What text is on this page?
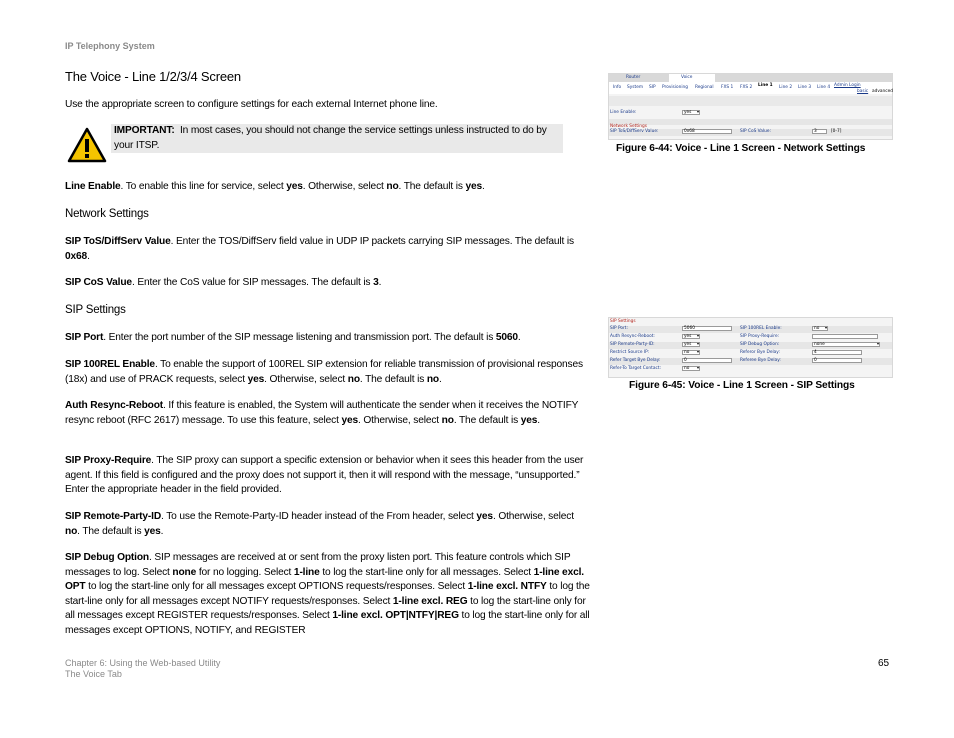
IP Telephony System
The Voice - Line 1/2/3/4 Screen
Use the appropriate screen to configure settings for each external Internet phone line.
IMPORTANT: In most cases, you should not change the service settings unless instructed to do by your ITSP.
Line Enable. To enable this line for service, select yes. Otherwise, select no. The default is yes.
Network Settings
SIP ToS/DiffServ Value. Enter the TOS/DiffServ field value in UDP IP packets carrying SIP messages. The default is 0x68.
SIP CoS Value. Enter the CoS value for SIP messages. The default is 3.
SIP Settings
SIP Port. Enter the port number of the SIP message listening and transmission port. The default is 5060.
SIP 100REL Enable. To enable the support of 100REL SIP extension for reliable transmission of provisional responses (18x) and use of PRACK requests, select yes. Otherwise, select no. The default is no.
Auth Resync-Reboot. If this feature is enabled, the System will authenticate the sender when it receives the NOTIFY resync reboot (RFC 2617) message. To use this feature, select yes. Otherwise, select no. The default is yes.
SIP Proxy-Require. The SIP proxy can support a specific extension or behavior when it sees this header from the user agent. If this field is configured and the proxy does not support it, then it will respond with the message, “unsupported.” Enter the appropriate header in the field provided.
SIP Remote-Party-ID. To use the Remote-Party-ID header instead of the From header, select yes. Otherwise, select no. The default is yes.
SIP Debug Option. SIP messages are received at or sent from the proxy listen port. This feature controls which SIP messages to log. Select none for no logging. Select 1-line to log the start-line only for all messages. Select 1-line excl. OPT to log the start-line only for all messages except OPTIONS requests/responses. Select 1-line excl. NTFY to log the start-line only for all messages except NOTIFY requests/responses. Select 1-line excl. REG to log the start-line only for all messages except REGISTER requests/responses. Select 1-line excl. OPT|NTFY|REG to log the start-line only for all messages except OPTIONS, NOTIFY, and REGISTER
Chapter 6: Using the Web-based Utility
The Voice Tab
65
Router	Voice
Info System SIP Provisioning Regional FXS 1 FXS 2 Line 1 Line 2 Line 3 Line 4 Admin Login
basic advanced
Line Enable:	yes ▾
Network Settings
SIP ToS/DiffServ Value:	0x68	SIP CoS Value:	3	[0-7]
Figure 6-44: Voice - Line 1 Screen - Network Settings
SIP Settings
SIP Port:	5060	SIP 100REL Enable:	no ▾
Auth Resync-Reboot:	yes ▾	SIP Proxy-Require:
SIP Remote-Party-ID:	yes ▾	SIP Debug Option:	none ▾
Restrict Source IP:	no ▾	Referor Bye Delay:	4
Refer Target Bye Delay:	0	Referee Bye Delay:	0
Refer-To Target Contact:	no ▾
Figure 6-45: Voice - Line 1 Screen - SIP Settings
